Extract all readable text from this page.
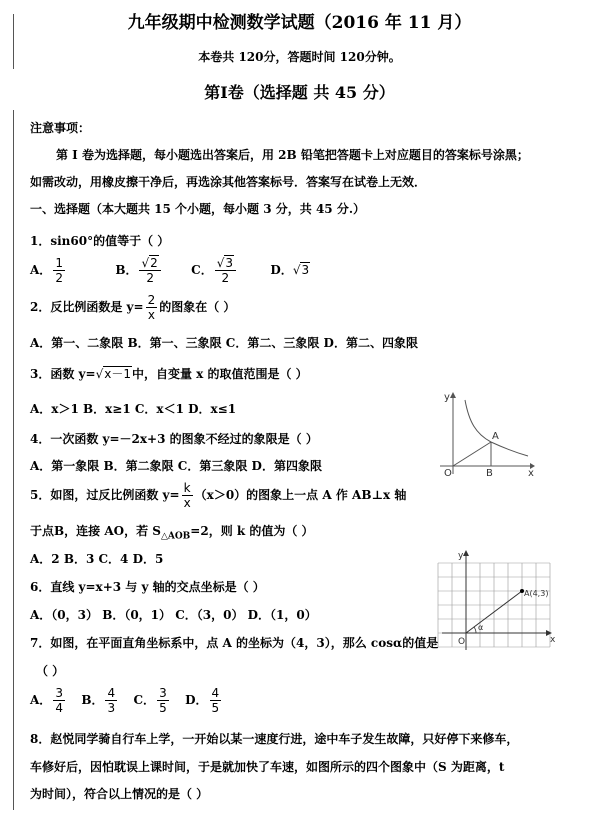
九年级期中检测数学试题（2016 年 11 月）
本卷共 120分，答题时间 120分钟。
第Ⅰ卷（选择题 共 45 分）
注意事项：
第 I 卷为选择题，每小题选出答案后，用 2B 铅笔把答题卡上对应题目的答案标号涂黑；
如需改动，用橡皮擦干净后，再选涂其他答案标号．答案写在试卷上无效．
一、选择题（本大题共 15 个小题，每小题 3 分，共 45 分.）
1．sin60°的值等于（ ）
A． $\frac{1}{2}$	B． $\frac{√2}{2}$	C． $\frac{√3}{2}$	D．√3
2．反比例函数是 $y= \frac{2}{x}$ 的图象在（ ）
A．第一、二象限 B．第一、三象限 C．第二、三象限 D．第二、四象限
3．函数 y=√x－1中，自变量 x 的取值范围是（ ）
A．x＞1 B．x≥1 C．x＜1 D．x≤1
4．一次函数 y=－2x+3 的图象不经过的象限是（ ）
A．第一象限 B．第二象限 C．第三象限 D．第四象限
y
x
O
A
B
5．如图，过反比例函数 $y= \frac{k}{x} (x>0)$的图象上一点 A 作 AB⊥x 轴
于点B，连接 AO，若 $S_{\triangle AOB}=2$，则 k 的值为（ ）
A．2 B．3 C．4 D．5
A(4,3)
α
O	x
y
6．直线 y=x+3 与 y 轴的交点坐标是（ ）
A．（0，3） B．（0，1） C．（3，0） D．（1，0）
7．如图，在平面直角坐标系中，点 A 的坐标为（4，3），那么 cosα的值是
（ ）
A． $\frac{3}{4}$ B． $\frac{4}{3}$ C． $\frac{3}{5}$ D． $\frac{4}{5}$
8．赵悦同学骑自行车上学，一开始以某一速度行进，途中车子发生故障，只好停下来修车，
车修好后，因怕耽误上课时间，于是就加快了车速，如图所示的四个图象中（S 为距离，t
为时间），符合以上情况的是（ ）
